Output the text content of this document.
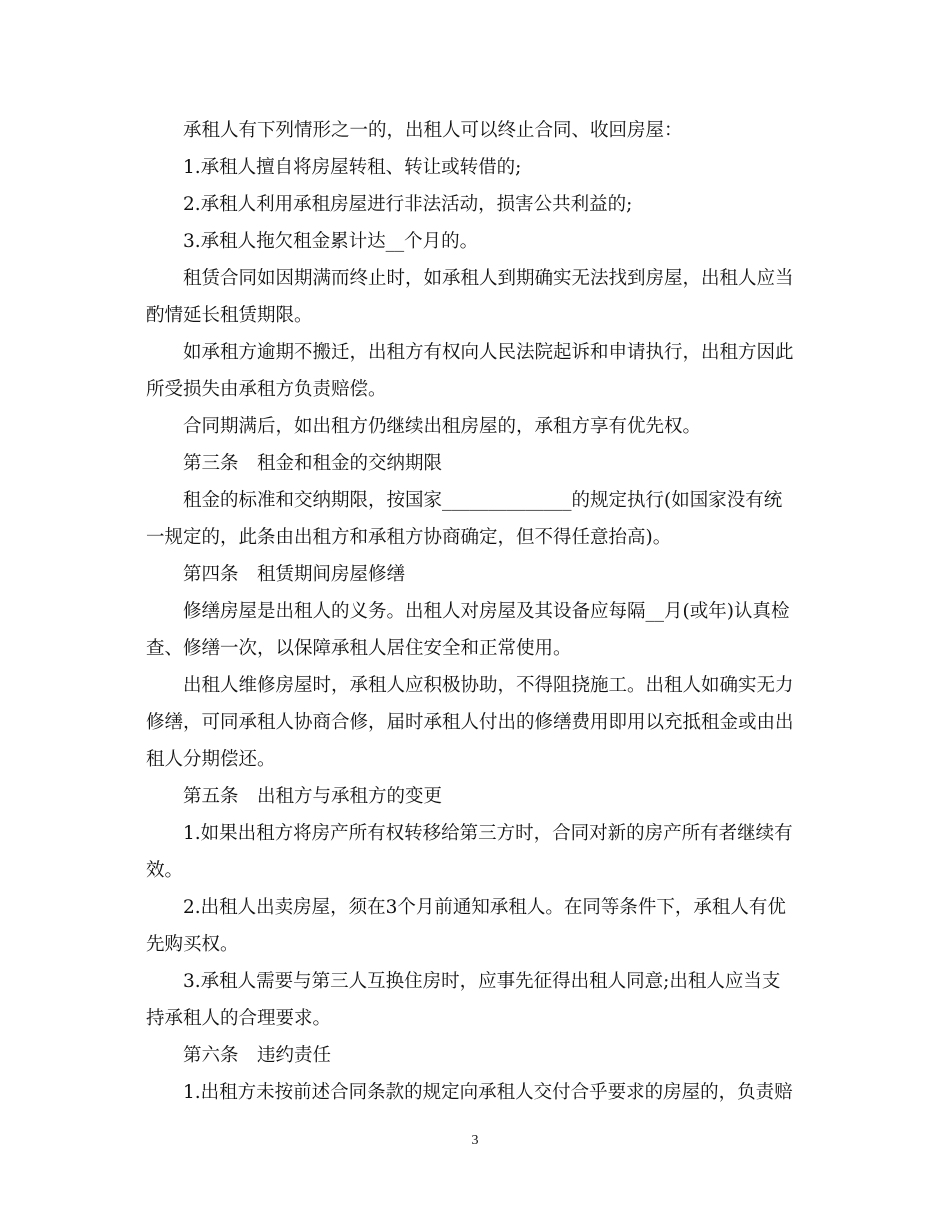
承租人有下列情形之一的，出租人可以终止合同、收回房屋：
1.承租人擅自将房屋转租、转让或转借的;
2.承租人利用承租房屋进行非法活动，损害公共利益的;
3.承租人拖欠租金累计达__个月的。
租赁合同如因期满而终止时，如承租人到期确实无法找到房屋，出租人应当
酌情延长租赁期限。
如承租方逾期不搬迁，出租方有权向人民法院起诉和申请执行，出租方因此
所受损失由承租方负责赔偿。
合同期满后，如出租方仍继续出租房屋的，承租方享有优先权。
第三条　租金和租金的交纳期限
租金的标准和交纳期限，按国家______________的规定执行(如国家没有统
一规定的，此条由出租方和承租方协商确定，但不得任意抬高)。
第四条　租赁期间房屋修缮
修缮房屋是出租人的义务。出租人对房屋及其设备应每隔__月(或年)认真检
查、修缮一次，以保障承租人居住安全和正常使用。
出租人维修房屋时，承租人应积极协助，不得阻挠施工。出租人如确实无力
修缮，可同承租人协商合修，届时承租人付出的修缮费用即用以充抵租金或由出
租人分期偿还。
第五条　出租方与承租方的变更
1.如果出租方将房产所有权转移给第三方时，合同对新的房产所有者继续有
效。
2.出租人出卖房屋，须在3个月前通知承租人。在同等条件下，承租人有优
先购买权。
3.承租人需要与第三人互换住房时，应事先征得出租人同意;出租人应当支
持承租人的合理要求。
第六条　违约责任
1.出租方未按前述合同条款的规定向承租人交付合乎要求的房屋的，负责赔
3
